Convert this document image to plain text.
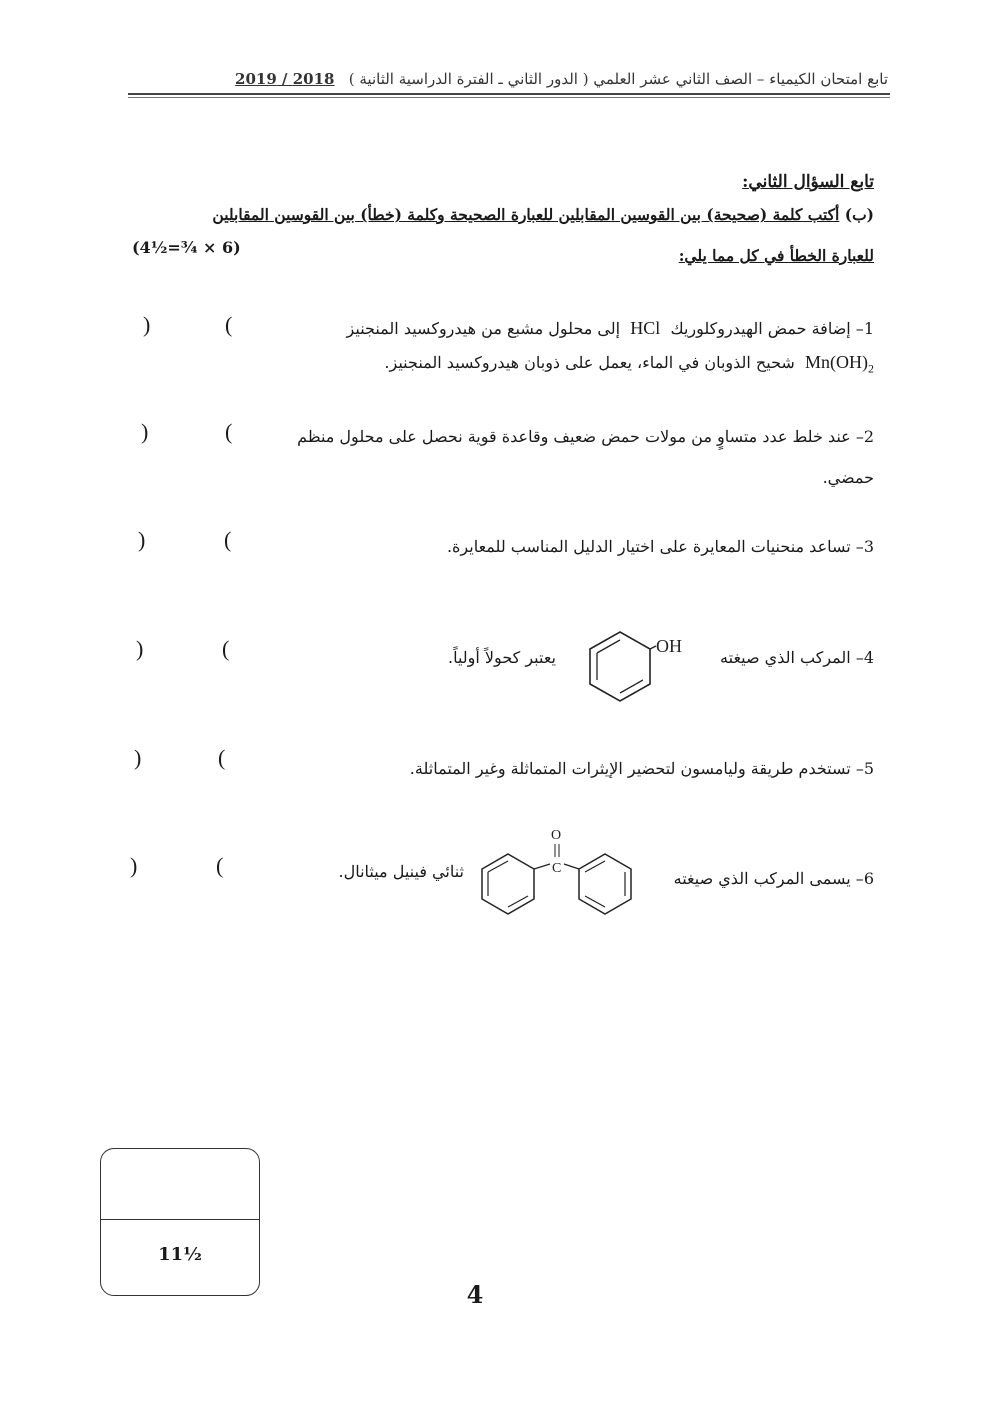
تابع امتحان الكيمياء – الصف الثاني عشر العلمي ( الدور الثاني ـ الفترة الدراسية الثانية )   2018 / 2019
تابع السؤال الثاني:
(ب) أكتب كلمة (صحيحة) بين القوسين المقابلين للعبارة الصحيحة وكلمة (خطأ) بين القوسين المقابلين
للعبارة الخطأ في كل مما يلي:
(4½=¾ × 6)
1– إضافة حمض الهيدروكلوريك  HCl  إلى محلول مشبع من هيدروكسيد المنجنيز
$Mn(OH)_2$  شحيح الذوبان في الماء، يعمل على ذوبان هيدروكسيد المنجنيز.
(
)
2– عند خلط عدد متساوٍ من مولات حمض ضعيف وقاعدة قوية نحصل على محلول منظم
حمضي.
(
)
3– تساعد منحنيات المعايرة على اختيار الدليل المناسب للمعايرة.
(
)
4– المركب الذي صيغته
OH
يعتبر كحولاً أولياً.
(
)
5– تستخدم طريقة وليامسون لتحضير الإيثرات المتماثلة وغير المتماثلة.
(
)
6– يسمى المركب الذي صيغته
C
O
ثنائي فينيل ميثانال.
(
)
11½
4
